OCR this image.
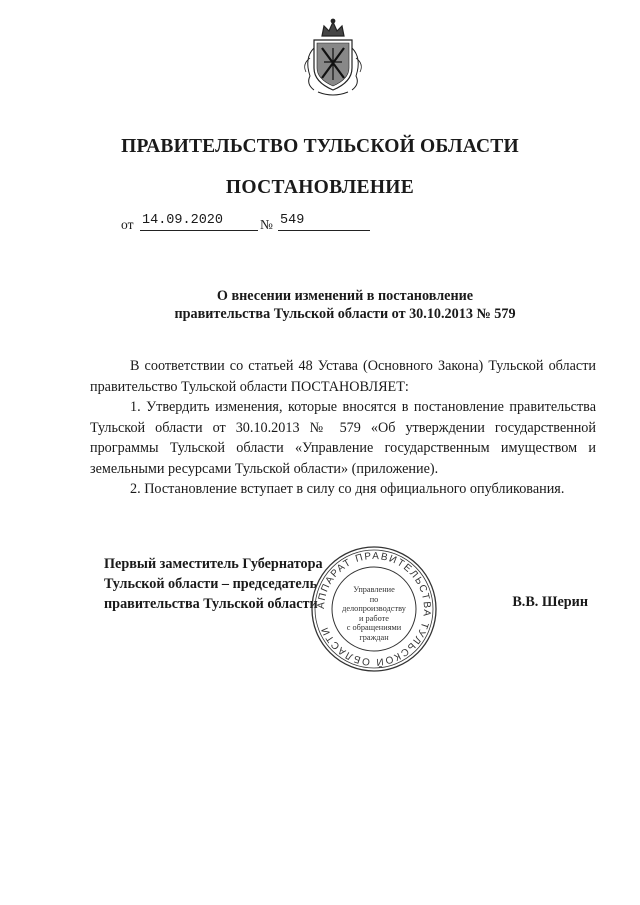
ПРАВИТЕЛЬСТВО ТУЛЬСКОЙ ОБЛАСТИ
ПОСТАНОВЛЕНИЕ
от 14.09.2020	№ 549
О внесении изменений в постановление
правительства Тульской области от 30.10.2013 № 579

В соответствии со статьей 48 Устава (Основного Закона) Тульской области правительство Тульской области ПОСТАНОВЛЯЕТ:

1. Утвердить изменения, которые вносятся в постановление правительства Тульской области от 30.10.2013 № 579 «Об утверждении государственной программы Тульской области «Управление государственным имуществом и земельными ресурсами Тульской области» (приложение).

2. Постановление вступает в силу со дня официального опубликования.

Первый заместитель Губернатора
Тульской области – председатель
правительства Тульской области	В.В. Шерин
АППАРАТ ПРАВИТЕЛЬСТВА ТУЛЬСКОЙ ОБЛАСТИ
Управление
по делопроизводству
и работе
с обращениями
граждан
